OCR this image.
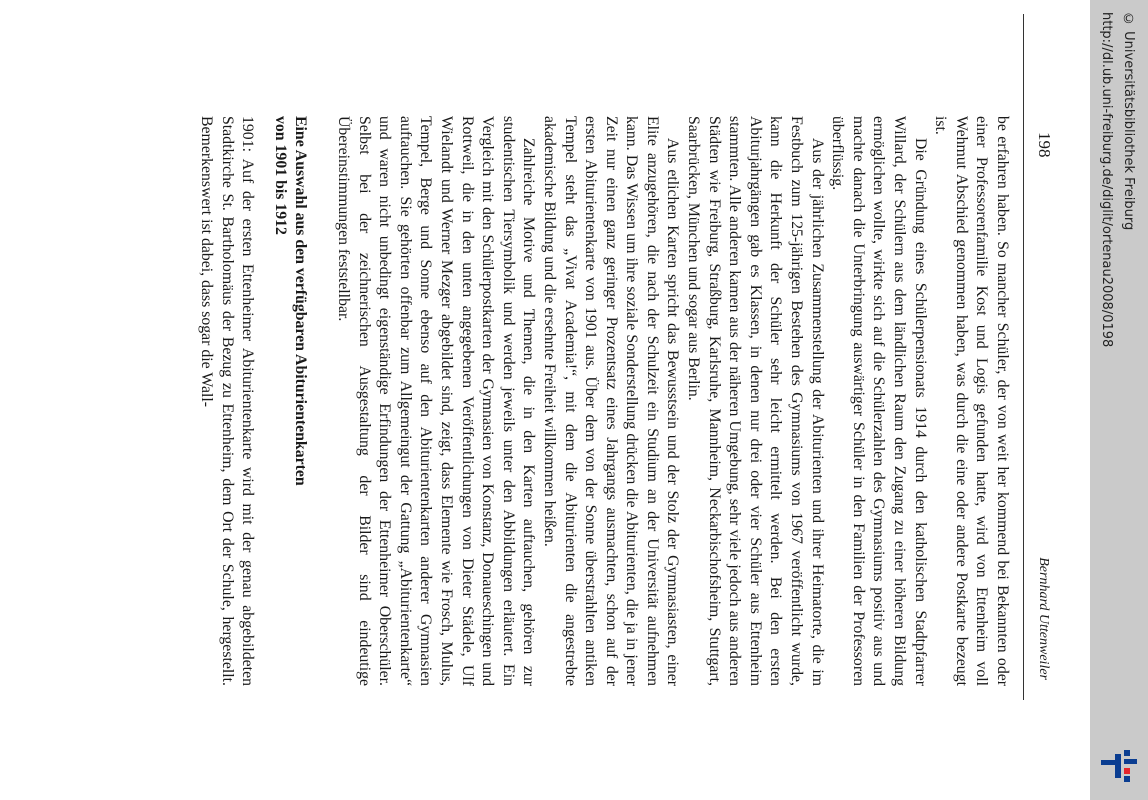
198
Bernhard Uttenweiler

be erfahren haben. So mancher Schüler, der von weit her kommend bei Bekannten oder einer Professorenfamilie Kost und Logis gefunden hatte, wird von Ettenheim voll Wehmut Abschied genommen haben, was durch die eine oder andere Postkarte bezeugt ist.

Die Gründung eines Schülerpensionats 1914 durch den katholischen Stadtpfarrer Willard, der Schülern aus dem ländlichen Raum den Zugang zu einer höheren Bildung ermöglichen wollte, wirkte sich auf die Schülerzahlen des Gymnasiums positiv aus und machte danach die Unterbringung auswärtiger Schüler in den Familien der Professoren überflüssig.

Aus der jährlichen Zusammenstellung der Abiturienten und ihrer Heimatorte, die im Festbuch zum 125-jährigen Bestehen des Gymnasiums von 1967 veröffentlicht wurde, kann die Herkunft der Schüler sehr leicht ermittelt werden. Bei den ersten Abiturjahrgängen gab es Klassen, in denen nur drei oder vier Schüler aus Ettenheim stammten. Alle anderen kamen aus der näheren Umgebung, sehr viele jedoch aus anderen Städten wie Freiburg, Straßburg, Karlsruhe, Mannheim, Neckarbischofsheim, Stuttgart, Saarbrücken, München und sogar aus Berlin.

Aus etlichen Karten spricht das Bewusstsein und der Stolz der Gymnasiasten, einer Elite anzugehören, die nach der Schulzeit ein Studium an der Universität aufnehmen kann. Das Wissen um ihre soziale Sonderstellung drücken die Abiturienten, die ja in jener Zeit nur einen ganz geringer Prozentsatz eines Jahrgangs ausmachten, schon auf der ersten Abiturientenkarte von 1901 aus. Über dem von der Sonne überstrahlten antiken Tempel steht das „Vivat Academia!“, mit dem die Abiturienten die angestrebte akademische Bildung und die ersehnte Freiheit willkommen heißen.

Zahlreiche Motive und Themen, die in den Karten auftauchen, gehören zur studentischen Tiersymbolik und werden jeweils unter den Abbildungen erläutert. Ein Vergleich mit den Schülerpostkarten der Gymnasien von Konstanz, Donaueschingen und Rottweil, die in den unten angegebenen Veröffentlichungen von Dieter Städele, Ulf Wielandt und Werner Mezger abgebildet sind, zeigt, dass Elemente wie Frosch, Mulus, Tempel, Berge und Sonne ebenso auf den Abiturientenkarten anderer Gymnasien auftauchen. Sie gehörten offenbar zum Allgemeingut der Gattung „Abiturientenkarte“ und waren nicht unbedingt eigenständige Erfindungen der Ettenheimer Oberschüler. Selbst bei der zeichnerischen Ausgestaltung der Bilder sind eindeutige Übereinstimmungen feststellbar.

Eine Auswahl aus den verfügbaren Abiturientenkarten
von 1901 bis 1912

1901: Auf der ersten Ettenheimer Abiturientenkarte wird mit der genau abgebildeten Stadtkirche St. Bartholomäus der Bezug zu Ettenheim, dem Ort der Schule, hergestellt. Bemerkenswert ist dabei, dass sogar die Wall-	http://dl.ub.uni-freiburg.de/diglit/ortenau2008/0198 © Universitätsbibliothek Freiburg
